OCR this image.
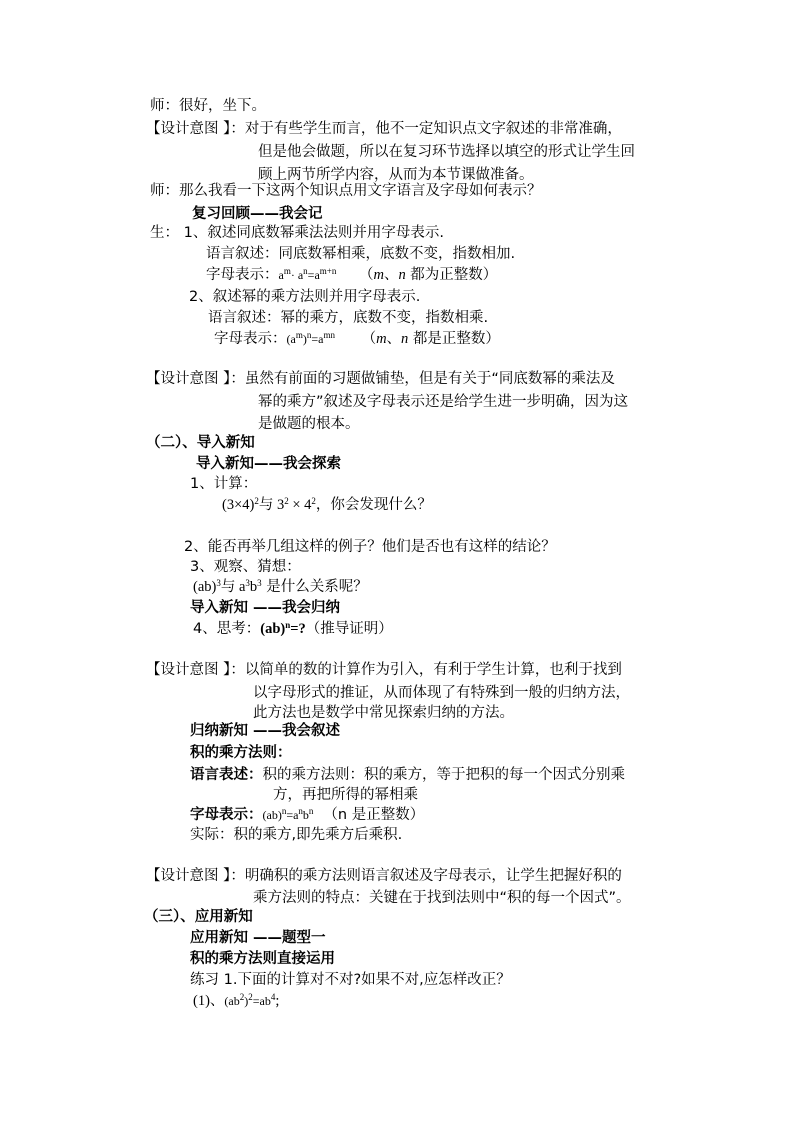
师：很好，坐下。
【设计意图 】：对于有些学生而言，他不一定知识点文字叙述的非常准确，
但是他会做题，所以在复习环节选择以填空的形式让学生回
顾上两节所学内容，从而为本节课做准备。
师：那么我看一下这两个知识点用文字语言及字母如何表示？
复习回顾——我会记
生： 1、叙述同底数幂乘法法则并用字母表示.
语言叙述：同底数幂相乘，底数不变，指数相加.
字母表示：$a^m\cdot a^n=a^{m+n}$ （m、n 都为正整数）
2、叙述幂的乘方法则并用字母表示.
语言叙述：幂的乘方，底数不变，指数相乘.
字母表示：$(a^m)^n=a^{mn}$ （m、n 都是正整数）
【设计意图 】：虽然有前面的习题做铺垫，但是有关于“同底数幂的乘法及
幂的乘方”叙述及字母表示还是给学生进一步明确，因为这
是做题的根本。
（二）、导入新知
导入新知——我会探索
1、计算：
$(3\times 4)^2$与 $3^2 \times 4^2$，你会发现什么？
2、能否再举几组这样的例子？他们是否也有这样的结论？
3、观察、猜想：
(ab)$^3$与 $a^3b^3$ 是什么关系呢？
导入新知 ——我会归纳
4、思考：(ab)$^n$=?（推导证明）
【设计意图 】：以简单的数的计算作为引入，有利于学生计算，也利于找到
以字母形式的推证，从而体现了有特殊到一般的归纳方法，
此方法也是数学中常见探索归纳的方法。
归纳新知 ——我会叙述
积的乘方法则：
语言表述：积的乘方法则：积的乘方，等于把积的每一个因式分别乘
方，再把所得的幂相乘
字母表示：$(ab)^n=a^nb^n$ （n 是正整数）
实际：积的乘方,即先乘方后乘积.
【设计意图 】：明确积的乘方法则语言叙述及字母表示，让学生把握好积的
乘方法则的特点：关键在于找到法则中“积的每一个因式”。
（三）、应用新知
应用新知 ——题型一
积的乘方法则直接运用
练习 1.下面的计算对不对?如果不对,应怎样改正？
(1)、$(ab^2)^2=ab^4$;
